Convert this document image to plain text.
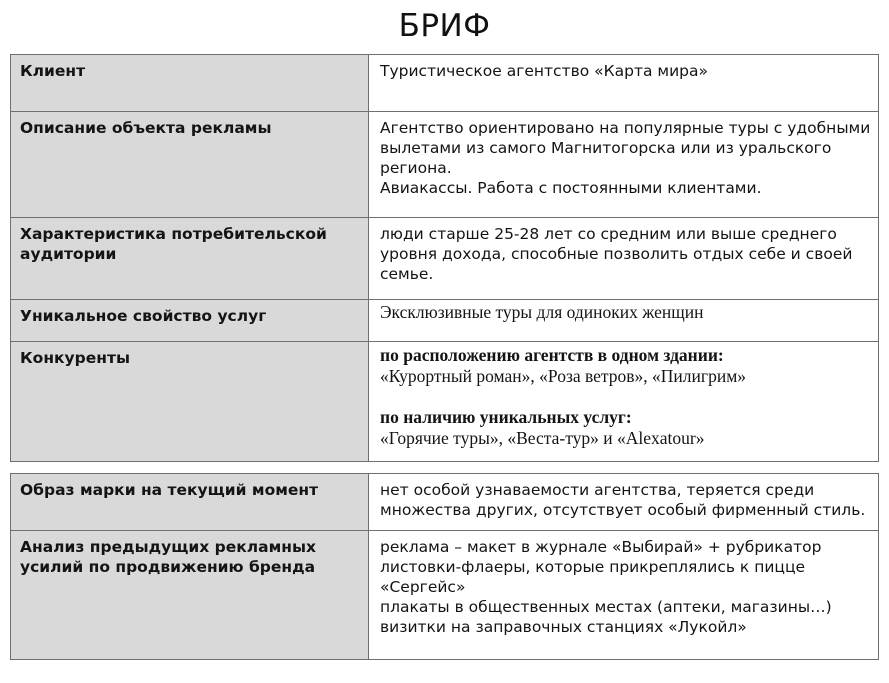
БРИФ
Клиент	Туристическое агентство «Карта мира»

Описание объекта рекламы	Агентство ориентировано на популярные туры с удобными
вылетами из самого Магнитогорска или из уральского
региона.
Авиакассы. Работа с постоянными клиентами.

Характеристика потребительской
аудитории	люди старше 25-28 лет со средним или выше среднего
уровня дохода, способные позволить отдых себе и своей
семье.

Уникальное свойство услуг	Эксклюзивные туры для одиноких женщин

Конкуренты	по расположению агентств в одном здании:
«Курортный роман», «Роза ветров», «Пилигрим»
по наличию уникальных услуг:
«Горячие туры», «Веста-тур» и «Alexatour»
Образ марки на текущий момент	нет особой узнаваемости агентства, теряется среди
множества других, отсутствует особый фирменный стиль.

Анализ предыдущих рекламных
усилий по продвижению бренда	реклама – макет в журнале «Выбирай» + рубрикатор
листовки-флаеры, которые прикреплялись к пицце
«Сергейс»
плакаты в общественных местах (аптеки, магазины…)
визитки на заправочных станциях «Лукойл»
